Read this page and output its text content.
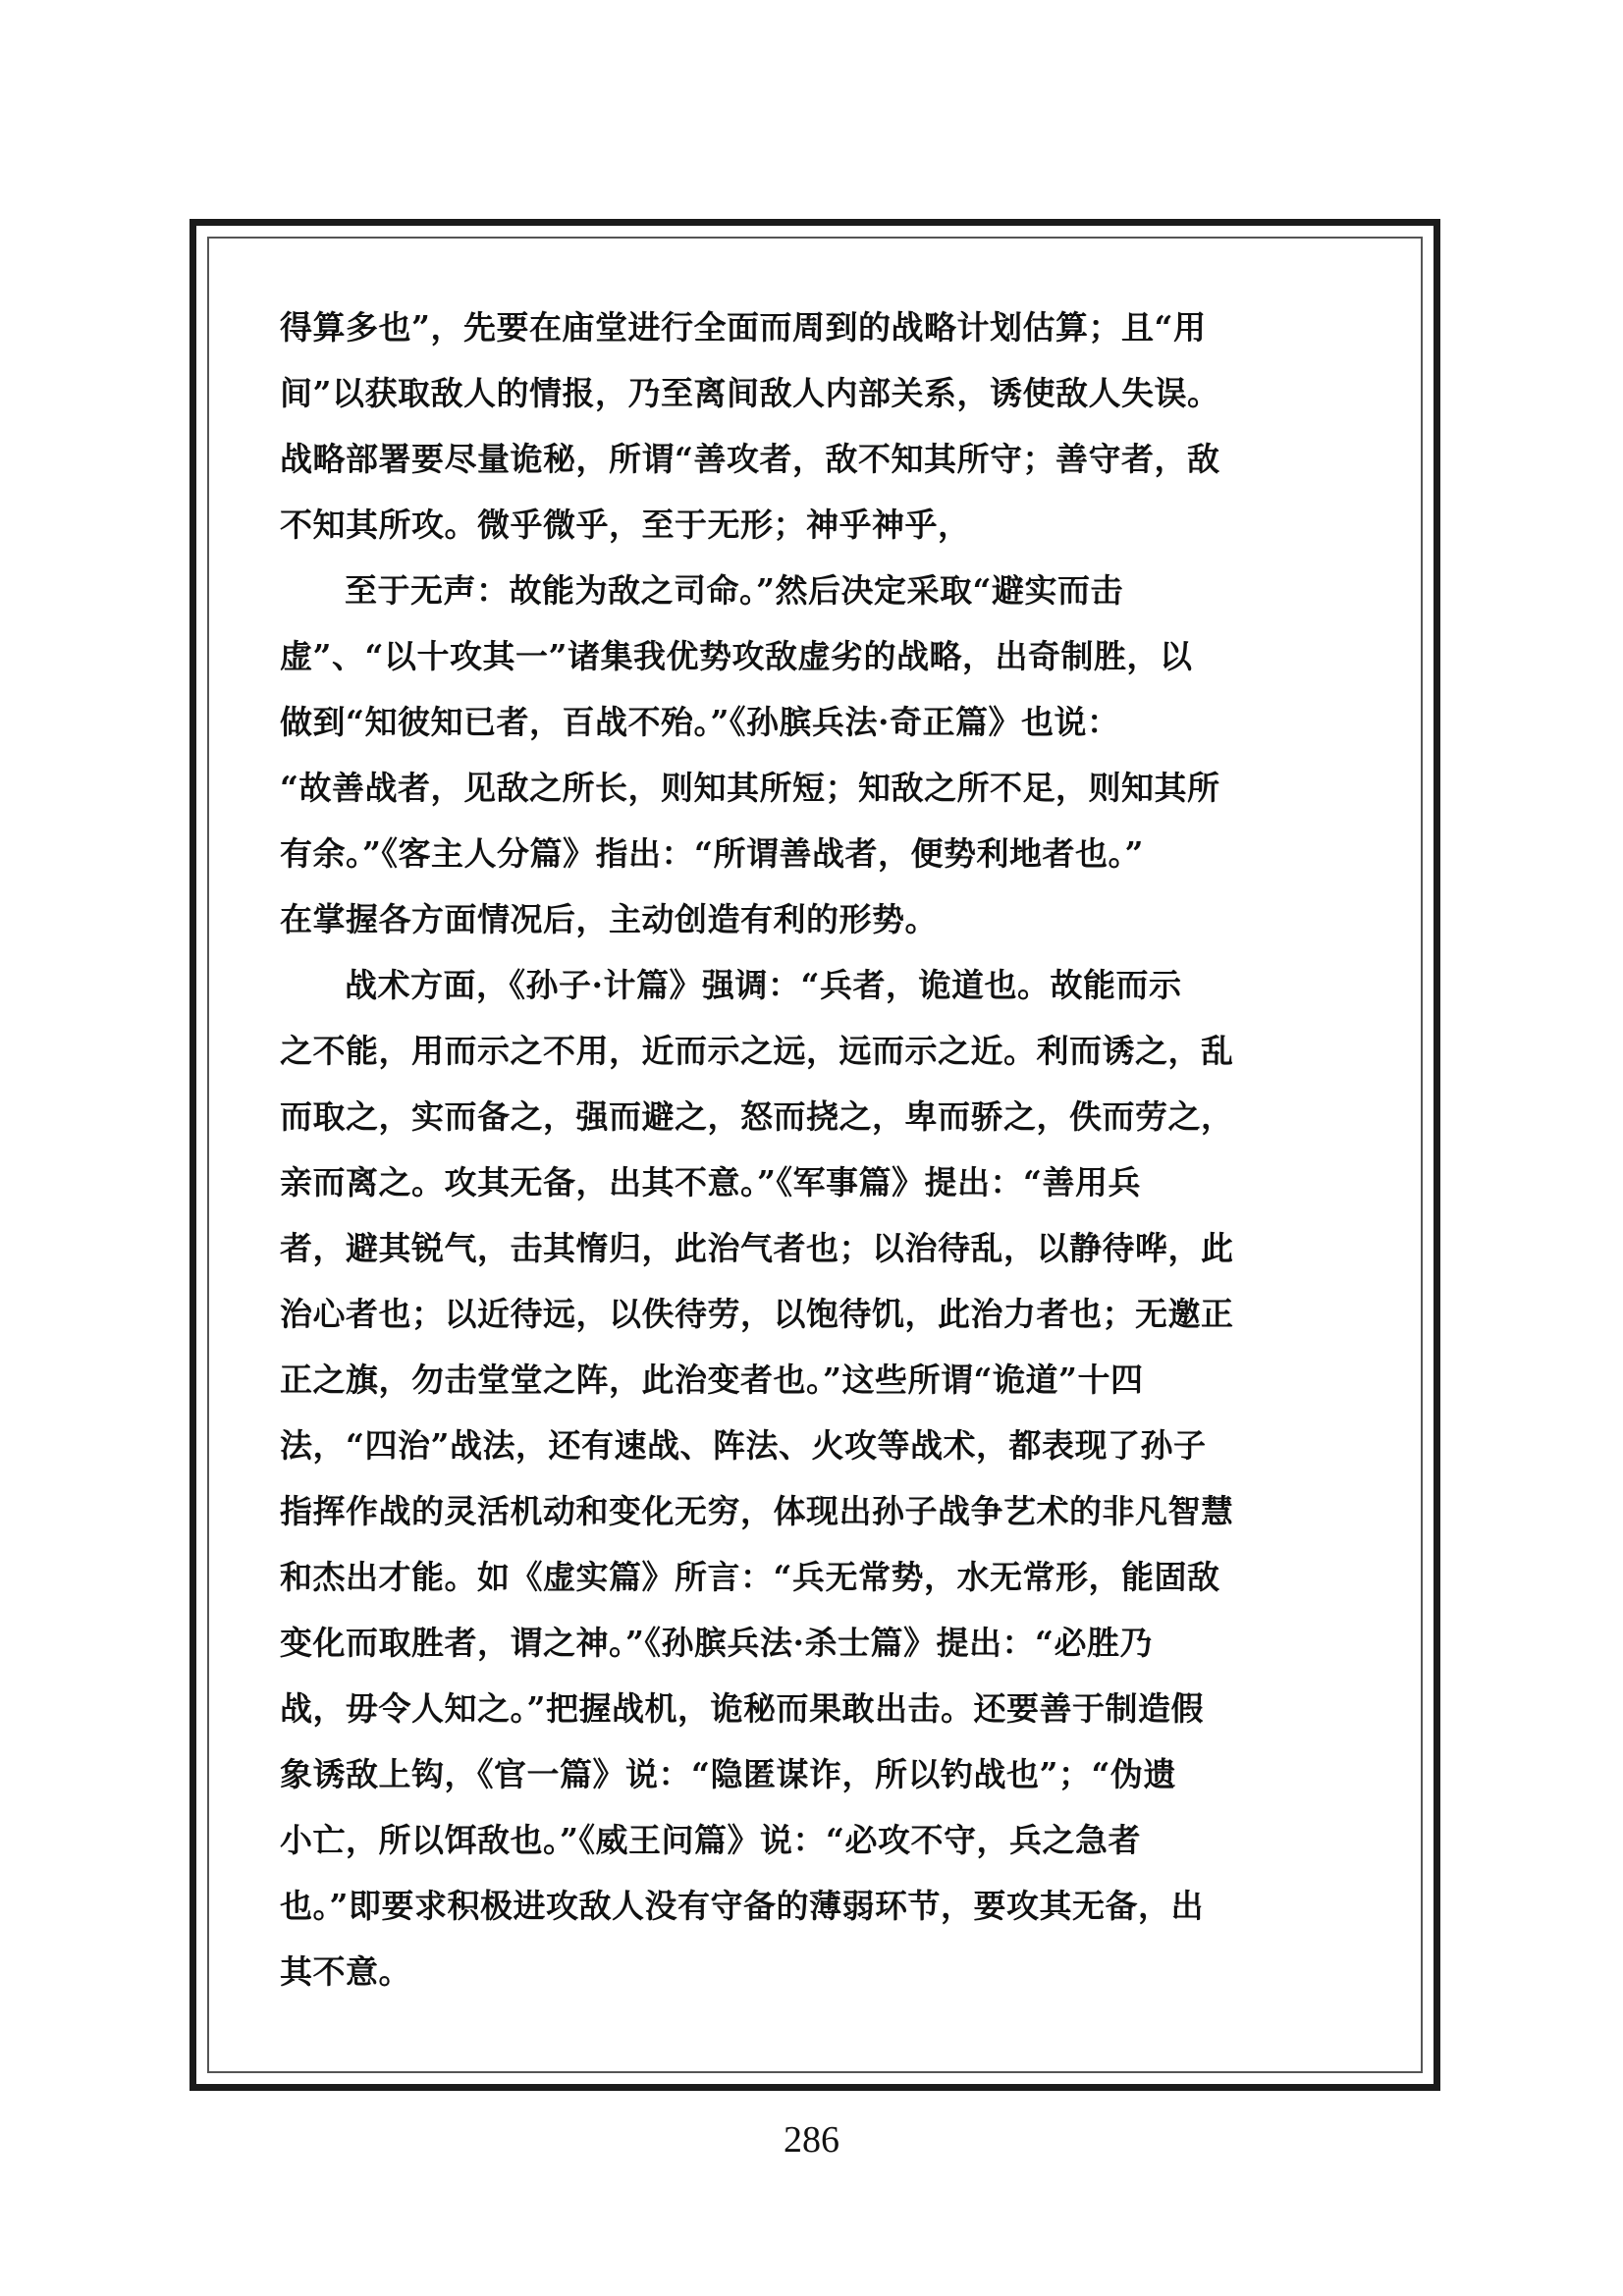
得算多也”，先要在庙堂进行全面而周到的战略计划估算；且“用
间”以获取敌人的情报，乃至离间敌人内部关系，诱使敌人失误。
战略部署要尽量诡秘，所谓“善攻者，敌不知其所守；善守者，敌
不知其所攻。微乎微乎，至于无形；神乎神乎，
至于无声：故能为敌之司命。”然后决定采取“避实而击
虚”、“以十攻其一”诸集我优势攻敌虚劣的战略，出奇制胜，以
做到“知彼知已者，百战不殆。”《孙膑兵法·奇正篇》也说：
“故善战者，见敌之所长，则知其所短；知敌之所不足，则知其所
有余。”《客主人分篇》指出：“所谓善战者，便势利地者也。”
在掌握各方面情况后，主动创造有利的形势。
战术方面，《孙子·计篇》强调：“兵者，诡道也。故能而示
之不能，用而示之不用，近而示之远，远而示之近。利而诱之，乱
而取之，实而备之，强而避之，怒而挠之，卑而骄之，佚而劳之，
亲而离之。攻其无备，出其不意。”《军事篇》提出：“善用兵
者，避其锐气，击其惰归，此治气者也；以治待乱，以静待哗，此
治心者也；以近待远，以佚待劳，以饱待饥，此治力者也；无邀正
正之旗，勿击堂堂之阵，此治变者也。”这些所谓“诡道”十四
法，“四治”战法，还有速战、阵法、火攻等战术，都表现了孙子
指挥作战的灵活机动和变化无穷，体现出孙子战争艺术的非凡智慧
和杰出才能。如《虚实篇》所言：“兵无常势，水无常形，能固敌
变化而取胜者，谓之神。”《孙膑兵法·杀士篇》提出：“必胜乃
战，毋令人知之。”把握战机，诡秘而果敢出击。还要善于制造假
象诱敌上钩，《官一篇》说：“隐匿谋诈，所以钓战也”；“伪遗
小亡，所以饵敌也。”《威王问篇》说：“必攻不守，兵之急者
也。”即要求积极进攻敌人没有守备的薄弱环节，要攻其无备，出
其不意。
286
